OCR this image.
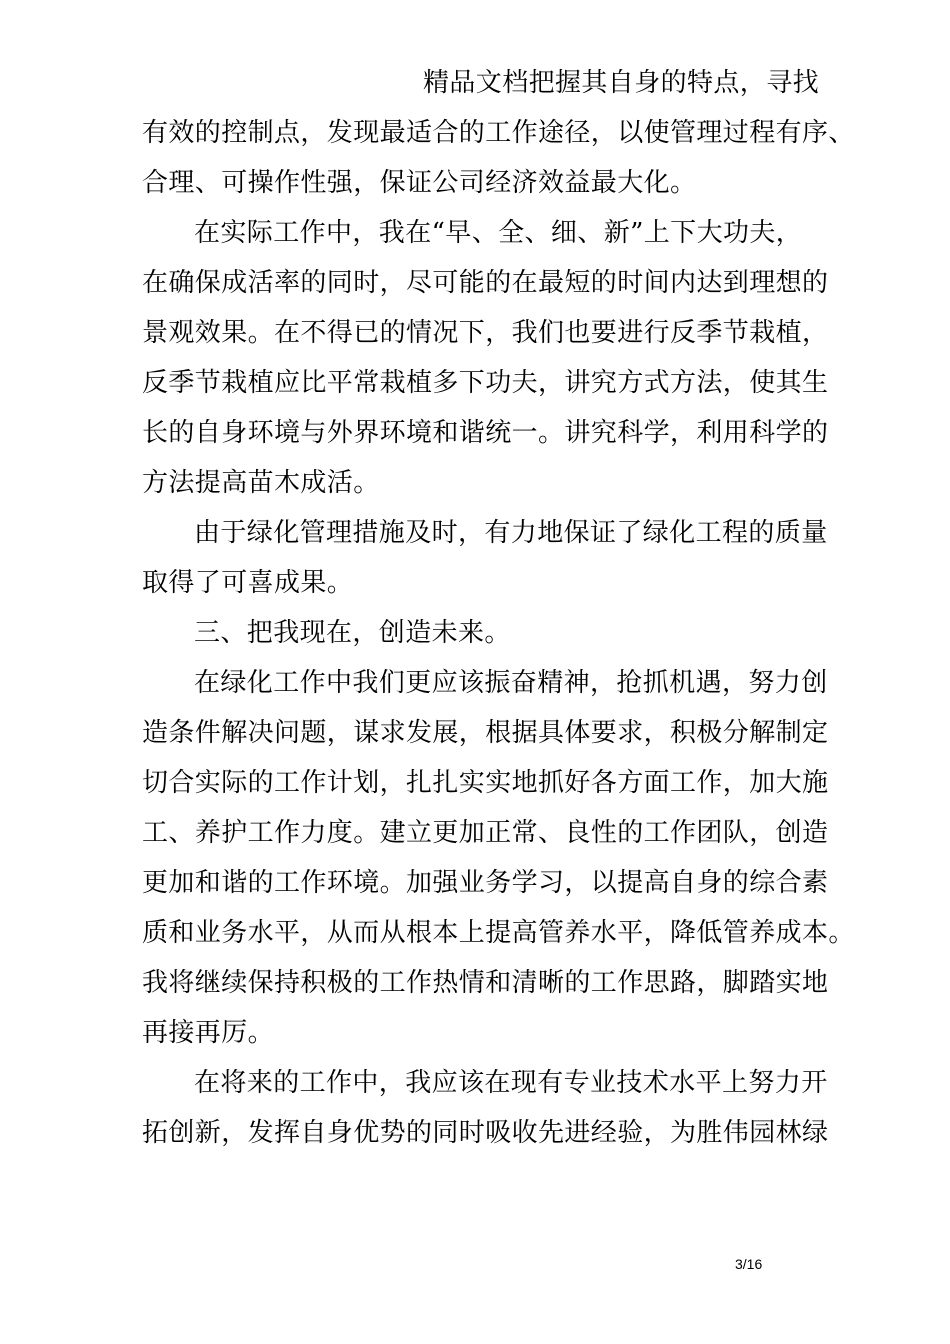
精品文档把握其自身的特点，寻找
有效的控制点，发现最适合的工作途径，以使管理过程有序、
合理、可操作性强，保证公司经济效益最大化。
在实际工作中，我在“早、全、细、新”上下大功夫，
在确保成活率的同时，尽可能的在最短的时间内达到理想的
景观效果。在不得已的情况下，我们也要进行反季节栽植，
反季节栽植应比平常栽植多下功夫，讲究方式方法，使其生
长的自身环境与外界环境和谐统一。讲究科学，利用科学的
方法提高苗木成活。
由于绿化管理措施及时，有力地保证了绿化工程的质量
取得了可喜成果。
三、把我现在，创造未来。
在绿化工作中我们更应该振奋精神，抢抓机遇，努力创
造条件解决问题，谋求发展，根据具体要求，积极分解制定
切合实际的工作计划，扎扎实实地抓好各方面工作，加大施
工、养护工作力度。建立更加正常、良性的工作团队，创造
更加和谐的工作环境。加强业务学习，以提高自身的综合素
质和业务水平，从而从根本上提高管养水平，降低管养成本。
我将继续保持积极的工作热情和清晰的工作思路，脚踏实地
再接再厉。
在将来的工作中，我应该在现有专业技术水平上努力开
拓创新，发挥自身优势的同时吸收先进经验，为胜伟园林绿
3/16
